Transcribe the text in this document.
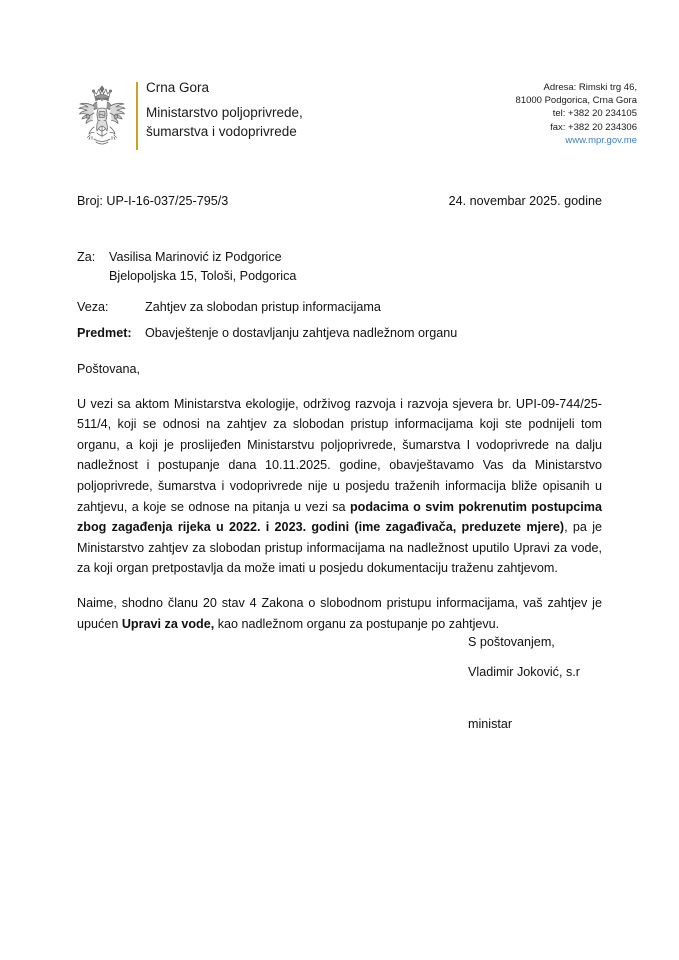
Crna Gora
Ministarstvo poljoprivrede,
šumarstva i vodoprivrede
Adresa: Rimski trg 46,
81000 Podgorica, Crna Gora
tel: +382 20 234105
fax: +382 20 234306
www.mpr.gov.me
Broj: UP-I-16-037/25-795/3	24. novembar 2025. godine
Za:	Vasilisa Marinović iz Podgorice
Bjelopoljska 15, Tološi, Podgorica
Veza:	Zahtjev za slobodan pristup informacijama
Predmet:	Obavještenje o dostavljanju zahtjeva nadležnom organu

Poštovana,

U vezi sa aktom Ministarstva ekologije, održivog razvoja i razvoja sjevera br. UPI-09-744/25-511/4, koji se odnosi na zahtjev za slobodan pristup informacijama koji ste podnijeli tom organu, a koji je proslijeđen Ministarstvu poljoprivrede, šumarstva I vodoprivrede na dalju nadležnost i postupanje dana 10.11.2025. godine, obavještavamo Vas da Ministarstvo poljoprivrede, šumarstva i vodoprivrede nije u posjedu traženih informacija bliže opisanih u zahtjevu, a koje se odnose na pitanja u vezi sa podacima o svim pokrenutim postupcima zbog zagađenja rijeka u 2022. i 2023. godini (ime zagađivača, preduzete mjere), pa je Ministarstvo zahtjev za slobodan pristup informacijama na nadležnost uputilo Upravi za vode, za koji organ pretpostavlja da može imati u posjedu dokumentaciju traženu zahtjevom.

Naime, shodno članu 20 stav 4 Zakona o slobodnom pristupu informacijama, vaš zahtjev je upućen Upravi za vode, kao nadležnom organu za postupanje po zahtjevu.

S poštovanjem,
Vladimir Joković, s.r
ministar
